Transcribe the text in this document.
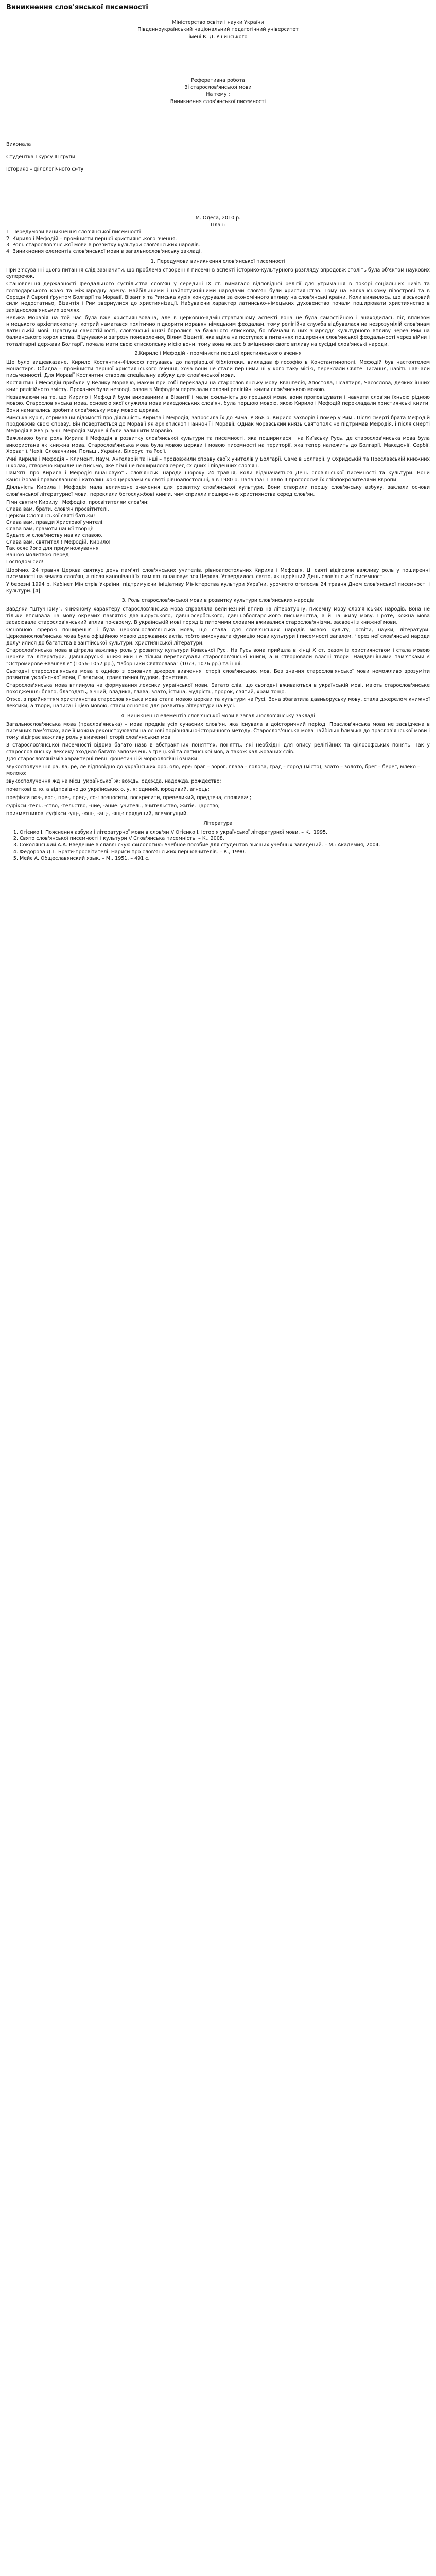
Виникнення слов'янської писемності
Міністерство освіти і науки України
Південноукраїнський національний педагогічний університет
імені К. Д. Ушинського
Реферативна робота
Зі старослов'янської мови
На тему :
Виникнення слов'янської писемності
Виконала
Студентка І курсу ІІІ групи
Історико – філологічного ф-ту
М. Одеса, 2010 р.
План:
1. Передумови виникнення слов'янської писемності
2. Кирило і Мефодій – промінисти першої християнського вчення.
3. Роль старослов'янської мови в розвитку культури слов'янських народів.
4. Виникнення елементів слов'янської мови в загальнослов'янську закладі.
1. Передумови виникнення слов'янської писемності

При з'ясуванні цього питання слід зазначити, що проблема створення писемн в аспекті історико-культурного розгляду впродовж століть була об'єктом наукових суперечок.

Становлення державності феодального суспільства слов'ян у середині ІХ ст. вимагало відповідної реліґії для утримання в покорі соціальних низів та господарського краю та міжнародну арену. Найбільшими і найпотужнішими народами слов'ян були християнство. Тому на Балканському півострові та в Середній Європі ґрунтом Болгарії та Моравії. Візантія та Римська курія конкурували за економічного впливу на слов'янські країни. Коли виявилось, що візськовий сили недостатньо, Візантія і Рим звернулися до християнізації. Набуваючи характер латинсько-німецьких духовенство почали поширювати християнство в західнослов'янських землях.

Велика Моравія на той час була вже християнізована, але в церковно-адміністративному аспекті вона не була самостійною і знаходилась під впливом німецького архіепископату, котрий намагався політично підкорити моравян німецьким феодалам, тому релігійна служба відбувалася на незрозумілій слов'янам латинській мові. Прагнучи самостійності, слов'янські князі боролися за бажаного єпископа, бо вбачали в них знаряддя культурного впливу через Рим на балканського королівства. Відчуваючи загрозу поневолення, Вілим Візантії, яка вціла на поступах в питаннях поширення слов'янської феодальності через війни і тоталітарні держави Болгарії, почала мати свою єпископську місію вони, тому вона як засіб зміцнення свого впливу на сусідні слов'янські народи.

2.Кирило і Мефодій - промінисти першої християнського вчення

Ще було вищевказане, Кирило Костянтин-Філософ готувавсь до патріаршої бібліотеки, викладав філософію в Константинополі, Мефодій був настоятелем монастиря. Обидва – промінисти першої християнського вчення, хоча вони не стали першими ні у кого таку місію, переклали Святе Писання, навіть навчали письменності. Для Моравії Костянтин створив спеціальну азбуку для слов'янської мови.

Костянтин і Мефодій прибули у Велику Моравію, маючи при собі переклади на старослов'янську мову Євангелія, Апостола, Псалтиря, Часослова, деяких інших книг релігійного змісту. Прохання були незгоді, разом з Мефодієм переклали головні релігійні книги слов'янською мовою.

Незважаючи на те, що Кирило і Мефодій були вихованими в Візантії і мали схильність до грецької мови, вони проповідувати і навчати слов'ян їхньою рідною мовою. Старослов'янська мова, основою якої служила мова македонських слов'ян, була першою мовою, якою Кирило і Мефодій перекладали християнські книги. Вони намагались зробити слов'янську мову мовою церкви.

Римська курія, отримавши відомості про діяльність Кирила і Мефодія, запросила їх до Рима. У 868 р. Кирило захворів і помер у Римі. Після смерті брата Мефодій продовжив свою справу. Він повертається до Моравії як архієпископ Паннонії і Моравії. Однак моравський князь Святополк не підтримав Мефодія, і після смерті Мефодія в 885 р. учні Мефодія змушені були залишити Моравію.

Важливою була роль Кирила і Мефодія в розвитку слов'янської культури та писемності, яка поширилася і на Київську Русь, де старослов'янська мова була використана як книжна мова. Старослов'янська мова була мовою церкви і мовою писемності на території, яка тепер належить до Болгарії, Македонії, Сербії, Хорватії, Чехії, Словаччини, Польщі, України, Білорусі та Росії.

Учні Кирила і Мефодія – Климент, Наум, Ангеларій та інші – продовжили справу своїх учителів у Болгарії. Саме в Болгарії, у Охридській та Преславській книжних школах, створено кириличне письмо, яке пізніше поширилося серед східних і південних слов'ян.

Пам'ять про Кирила і Мефодія вшановують слов'янські народи щороку 24 травня, коли відзначається День слов'янської писемності та культури. Вони канонізовані православною і католицькою церквами як святі рівноапостольні, а в 1980 р. Папа Іван Павло ІІ проголосив їх співпокровителями Європи.

Діяльність Кирила і Мефодія мала величезне значення для розвитку слов'янської культури. Вони створили першу слов'янську азбуку, заклали основи слов'янської літературної мови, переклали богослужбові книги, чим сприяли поширенню християнства серед слов'ян.

Гімн святим Кирилу і Мефодію, просвітителям слов'ян:
Слава вам, брати, слов'ян просвітителі,
Церкви Слов'янської святі батьки!
Слава вам, правди Христової учителі,
Слава вам, грамоти нашої творці!
Будьте ж слов'янству навіки славою,
Слава вам, святителі! Мефодій, Кирило!
Так осяє його для приумножування
Вашою молитвою перед
Господом сил!

Щорічно, 24 травня Церква святкує день пам'яті слов'янських учителів, рівноапостольних Кирила і Мефодія. Ці святі відіграли важливу роль у поширенні писемності на землях слов'ян, а після канонізації їх пам'ять вшановує вся Церква. Утвердилось свято, як щорічний День слов'янської писемності.

У березні 1994 р. Кабінет Міністрів України, підтримуючи ініціативу Міністерства культури України, урочисто оголосив 24 травня Днем слов'янської писемності і культури. [4]

3. Роль старослов'янської мови в розвитку культури слов'янських народів

Завдяки "штучному", книжному характеру старослов'янська мова справляла величезний вплив на літературну, писемну мову слов'янських народів. Вона не тільки впливала на мову окремих пам'яток давньоруського, давньосербського, давньоболгарського письменства, а й на живу мову. Проте, кожна мова засвоювала старослов'янський вплив по-своєму. В українській мові поряд із питомими словами вживалися старослов'янізми, засвоєні з книжної мови.

Основною сферою поширення і була церковнослов'янська мова, що стала для слов'янських народів мовою культу, освіти, науки, літератури. Церковнослов'янська мова була офіційною мовою державних актів, тобто виконувала функцію мови культури і писемності загалом. Через неї слов'янські народи долучилися до багатства візантійської культури, християнської літератури.

Старослов'янська мова відіграла важливу роль у розвитку культури Київської Русі. На Русь вона прийшла в кінці Х ст. разом із християнством і стала мовою церкви та літератури. Давньоруські книжники не тільки переписували старослов'янські книги, а й створювали власні твори. Найдавнішими пам'ятками є "Остромирове Євангеліє" (1056–1057 рр.), "Ізборники Святослава" (1073, 1076 рр.) та інші.

Сьогодні старослов'янська мова є однією з основних джерел вивчення історії слов'янських мов. Без знання старослов'янської мови неможливо зрозуміти розвиток української мови, її лексики, граматичної будови, фонетики.

Старослов'янська мова вплинула на формування лексики української мови. Багато слів, що сьогодні вживаються в українській мові, мають старослов'янське походження: благо, благодать, вічний, владика, глава, злато, істина, мудрість, пророк, святий, храм тощо.

Отже, з прийняттям християнства старослов'янська мова стала мовою церкви та культури на Русі. Вона збагатила давньоруську мову, стала джерелом книжної лексики, а твори, написані цією мовою, стали основою для розвитку літератури на Русі.

4. Виникнення елементів слов'янської мови в загальнослов'янську закладі

Загальнослов'янська мова (праслов'янська) – мова предків усіх сучасних слов'ян, яка існувала в доісторичний період. Праслов'янська мова не засвідчена в писемних пам'ятках, але її можна реконструювати на основі порівняльно-історичного методу. Старослов'янська мова найбільш близька до праслов'янської мови і тому відіграє важливу роль у вивченні історії слов'янських мов.

З старослов'янської писемності відома багато назв в абстрактних поняттях, понятть, які необхідні для опису релігійних та філософських понять. Так у старослов'янську лексику входило багато запозичень з грецької та латинської мов, а також калькованих слів.

Для старослов'янізмів характерні певні фонетичні й морфологічні ознаки:

звукосполучення ра, ла, ре, ле відповідно до українських оро, оло, ере: враг – ворог, глава – голова, град – город (місто), злато – золото, брег – берег, млеко – молоко;

звукосполучення жд на місці української ж: вождь, одежда, надежда, рождество;

початкові е, ю, а відповідно до українських о, у, я: єдиний, юродивий, агнець;

префікси воз-, вос-, пре-, пред-, со-: возносити, воскресити, превеликий, предтеча, споживач;

суфікси -тель, -ство, -тельство, -ние, -ание: учитель, вчительство, житіє, царство;

прикметникові суфікси -ущ-, -ющ-, -ащ-, -ящ-: грядущий, всемогущий.

Література
1. Огієнко І. Пояснення азбуки і літературної мови в слов'ян // Огієнко І. Історія української літературної мови. – К., 1995.
2. Свято слов'янської писемності і культури // Слов'янська писемність. – К., 2008.
3. Соколянський А.А. Введение в славянскую филологию: Учебное пособие для студентов высших учебных заведений. – М.: Академия, 2004.
4. Федорова Д.Т. Брати-просвітителі. Нариси про слов'янських першовчителів. – К., 1990.
5. Мейє А. Общеславянский язык. – М., 1951. – 491 с.
